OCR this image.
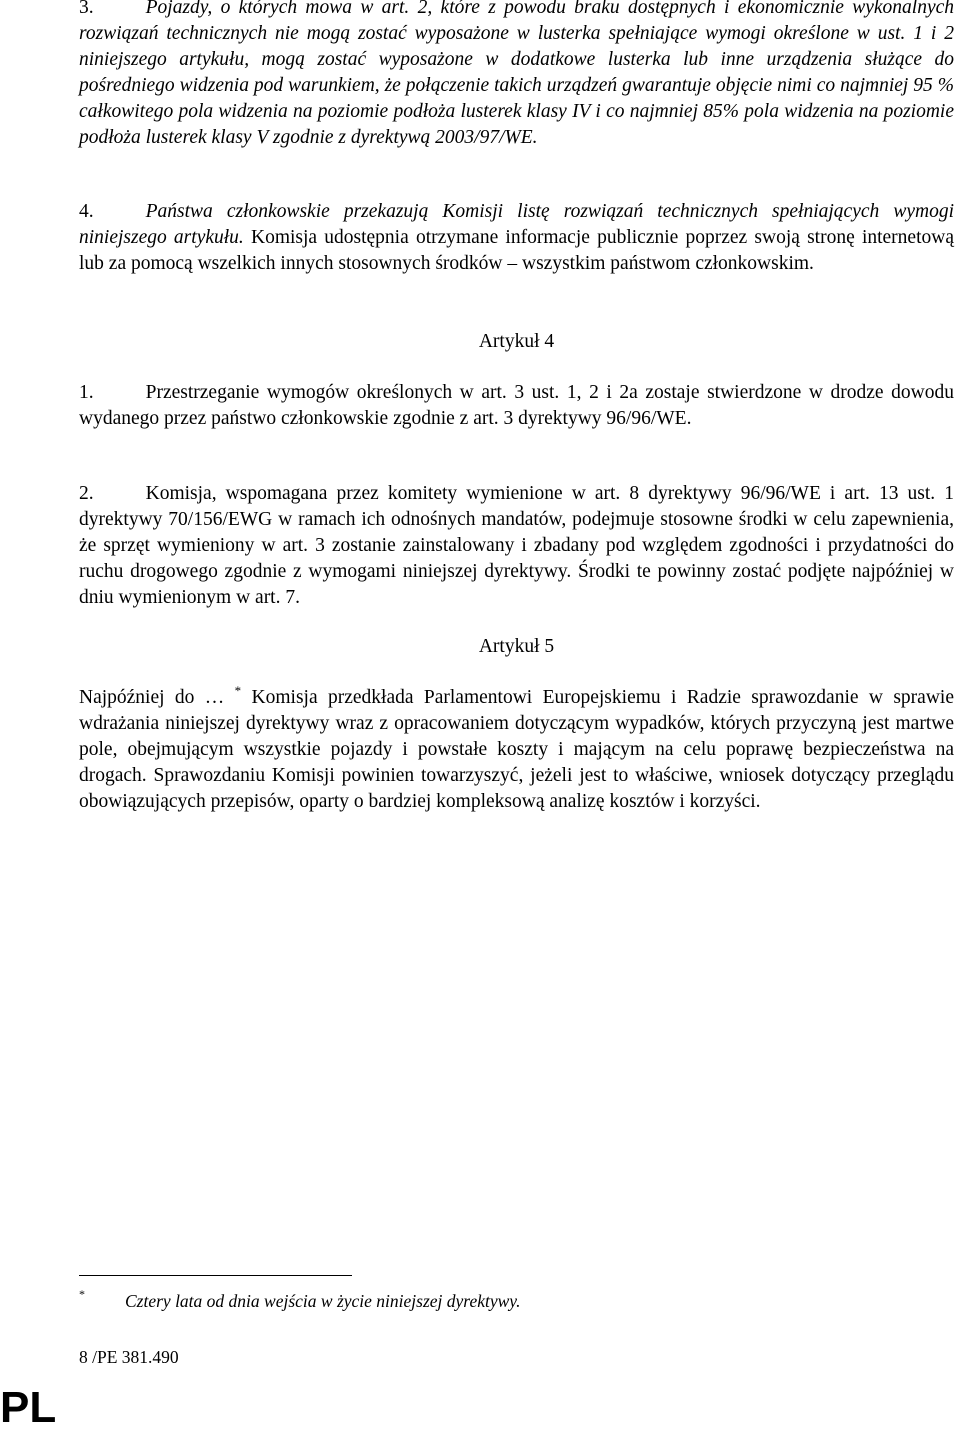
3.	Pojazdy, o których mowa w art. 2, które z powodu braku dostępnych i ekonomicznie wykonalnych rozwiązań technicznych nie mogą zostać wyposażone w lusterka spełniające wymogi określone w ust. 1 i 2 niniejszego artykułu, mogą zostać wyposażone w dodatkowe lusterka lub inne urządzenia służące do pośredniego widzenia pod warunkiem, że połączenie takich urządzeń gwarantuje objęcie nimi co najmniej 95 % całkowitego pola widzenia na poziomie podłoża lusterek klasy IV i co najmniej 85% pola widzenia na poziomie podłoża lusterek klasy V zgodnie z dyrektywą 2003/97/WE.

4.	Państwa członkowskie przekazują Komisji listę rozwiązań technicznych spełniających wymogi niniejszego artykułu. Komisja udostępnia otrzymane informacje publicznie poprzez swoją stronę internetową lub za pomocą wszelkich innych stosownych środków – wszystkim państwom członkowskim.

Artykuł 4

1.	Przestrzeganie wymogów określonych w art. 3 ust. 1, 2 i 2a zostaje stwierdzone w drodze dowodu wydanego przez państwo członkowskie zgodnie z art. 3 dyrektywy 96/96/WE.

2.	Komisja, wspomagana przez komitety wymienione w art. 8 dyrektywy 96/96/WE i art. 13 ust. 1 dyrektywy 70/156/EWG w ramach ich odnośnych mandatów, podejmuje stosowne środki w celu zapewnienia, że sprzęt wymieniony w art. 3 zostanie zainstalowany i zbadany pod względem zgodności i przydatności do ruchu drogowego zgodnie z wymogami niniejszej dyrektywy. Środki te powinny zostać podjęte najpóźniej w dniu wymienionym w art. 7.

Artykuł 5

Najpóźniej do … * Komisja przedkłada Parlamentowi Europejskiemu i Radzie sprawozdanie w sprawie wdrażania niniejszej dyrektywy wraz z opracowaniem dotyczącym wypadków, których przyczyną jest martwe pole, obejmującym wszystkie pojazdy i powstałe koszty i mającym na celu poprawę bezpieczeństwa na drogach. Sprawozdaniu Komisji powinien towarzyszyć, jeżeli jest to właściwe, wniosek dotyczący przeglądu obowiązujących przepisów, oparty o bardziej kompleksową analizę kosztów i korzyści.

* Cztery lata od dnia wejścia w życie niniejszej dyrektywy.
8 /PE 381.490
PL
